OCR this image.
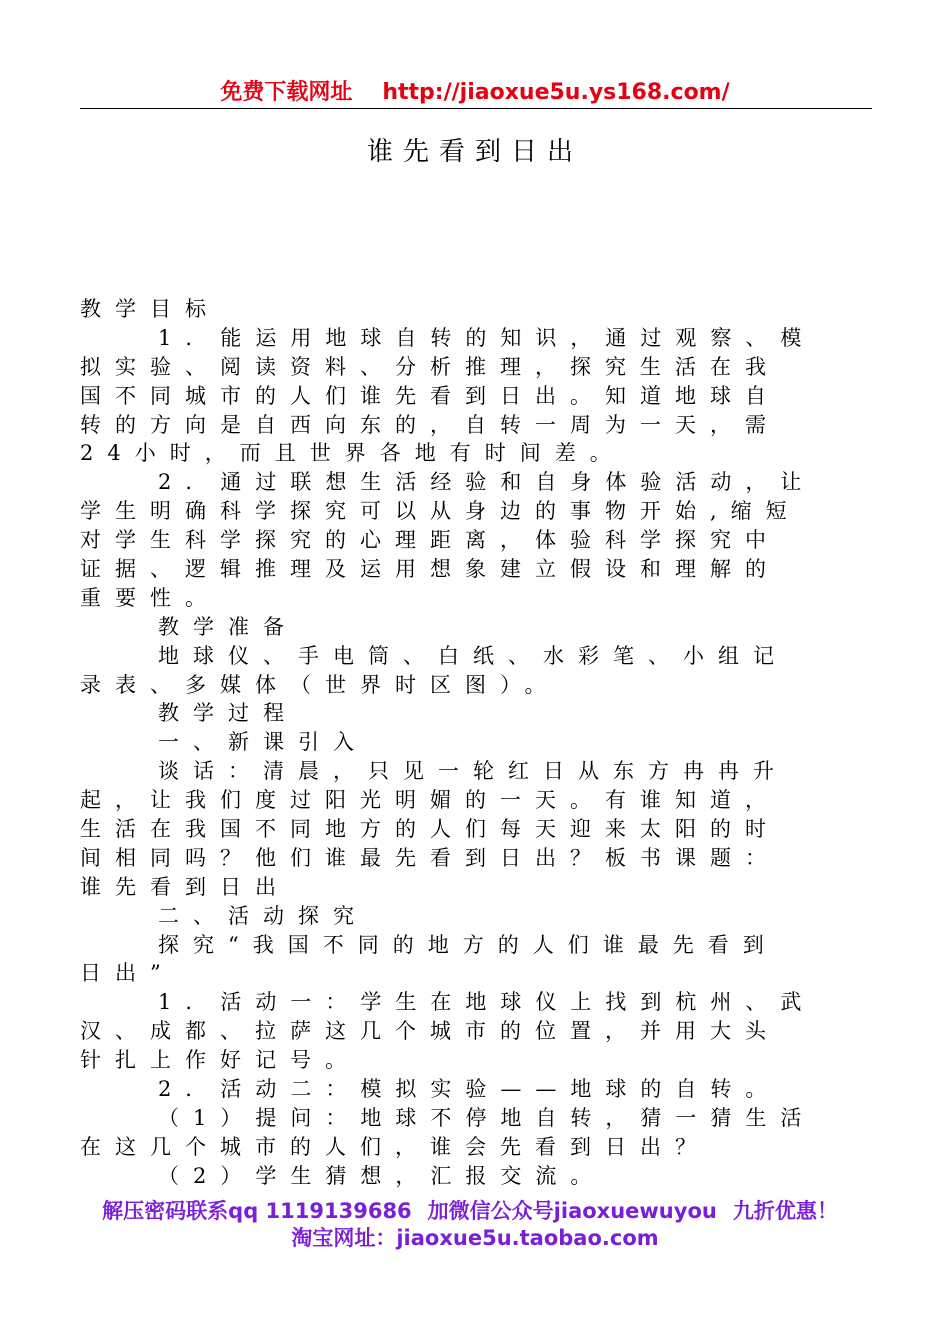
免费下载网址 http://jiaoxue5u.ys168.com/
谁先看到日出
教学目标
1．能运用地球自转的知识，通过观察、模
拟实验、阅读资料、分析推理，探究生活在我
国不同城市的人们谁先看到日出。知道地球自
转的方向是自西向东的，自转一周为一天，需
24小时，而且世界各地有时间差。
2．通过联想生活经验和自身体验活动，让
学生明确科学探究可以从身边的事物开始,缩短
对学生科学探究的心理距离，体验科学探究中
证据、逻辑推理及运用想象建立假设和理解的
重要性。
教学准备
地球仪、手电筒、白纸、水彩笔、小组记
录表、多媒体（世界时区图）。
教学过程
一、新课引入
谈话：清晨，只见一轮红日从东方冉冉升
起，让我们度过阳光明媚的一天。有谁知道，
生活在我国不同地方的人们每天迎来太阳的时
间相同吗？他们谁最先看到日出？板书课题：
谁先看到日出
二、活动探究
探究“我国不同的地方的人们谁最先看到
日出”
1．活动一：学生在地球仪上找到杭州、武
汉、成都、拉萨这几个城市的位置，并用大头
针扎上作好记号。
2．活动二：模拟实验——地球的自转。
（1）提问：地球不停地自转，猜一猜生活
在这几个城市的人们，谁会先看到日出？
（2）学生猜想，汇报交流。
解压密码联系qq 1119139686 加微信公众号jiaoxuewuyou 九折优惠！
淘宝网址：jiaoxue5u.taobao.com
